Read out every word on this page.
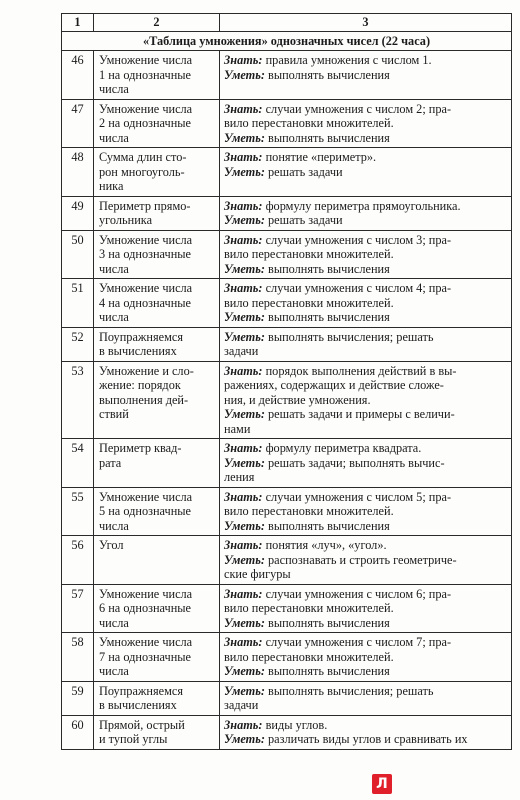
1	2	3
«Таблица умножения» однозначных чисел (22 часа)		
46	Умножение числа
1 на однозначные
числа	Знать: правила умножения с числом 1.
Уметь: выполнять вычисления

47	Умножение числа
2 на однозначные
числа	Знать: случаи умножения с числом 2; пра-
вило перестановки множителей.
Уметь: выполнять вычисления

48	Сумма длин сто-
рон многоуголь-
ника	Знать: понятие «периметр».
Уметь: решать задачи

49	Периметр прямо-
угольника	Знать: формулу периметра прямоугольника.
Уметь: решать задачи

50	Умножение числа
3 на однозначные
числа	Знать: случаи умножения с числом 3; пра-
вило перестановки множителей.
Уметь: выполнять вычисления

51	Умножение числа
4 на однозначные
числа	Знать: случаи умножения с числом 4; пра-
вило перестановки множителей.
Уметь: выполнять вычисления

52	Поупражняемся
в вычислениях	Уметь: выполнять вычисления; решать
задачи

53	Умножение и сло-
жение: порядок
выполнения дей-
ствий	Знать: порядок выполнения действий в вы-
ражениях, содержащих и действие сложе-
ния, и действие умножения.
Уметь: решать задачи и примеры с величи-
нами

54	Периметр квад-
рата	Знать: формулу периметра квадрата.
Уметь: решать задачи; выполнять вычис-
ления

55	Умножение числа
5 на однозначные
числа	Знать: случаи умножения с числом 5; пра-
вило перестановки множителей.
Уметь: выполнять вычисления

56	Угол	Знать: понятия «луч», «угол».
Уметь: распознавать и строить геометриче-
ские фигуры

57	Умножение числа
6 на однозначные
числа	Знать: случаи умножения с числом 6; пра-
вило перестановки множителей.
Уметь: выполнять вычисления

58	Умножение числа
7 на однозначные
числа	Знать: случаи умножения с числом 7; пра-
вило перестановки множителей.
Уметь: выполнять вычисления

59	Поупражняемся
в вычислениях	Уметь: выполнять вычисления; решать
задачи

60	Прямой, острый
и тупой углы	Знать: виды углов.
Уметь: различать виды углов и сравнивать их
Л
